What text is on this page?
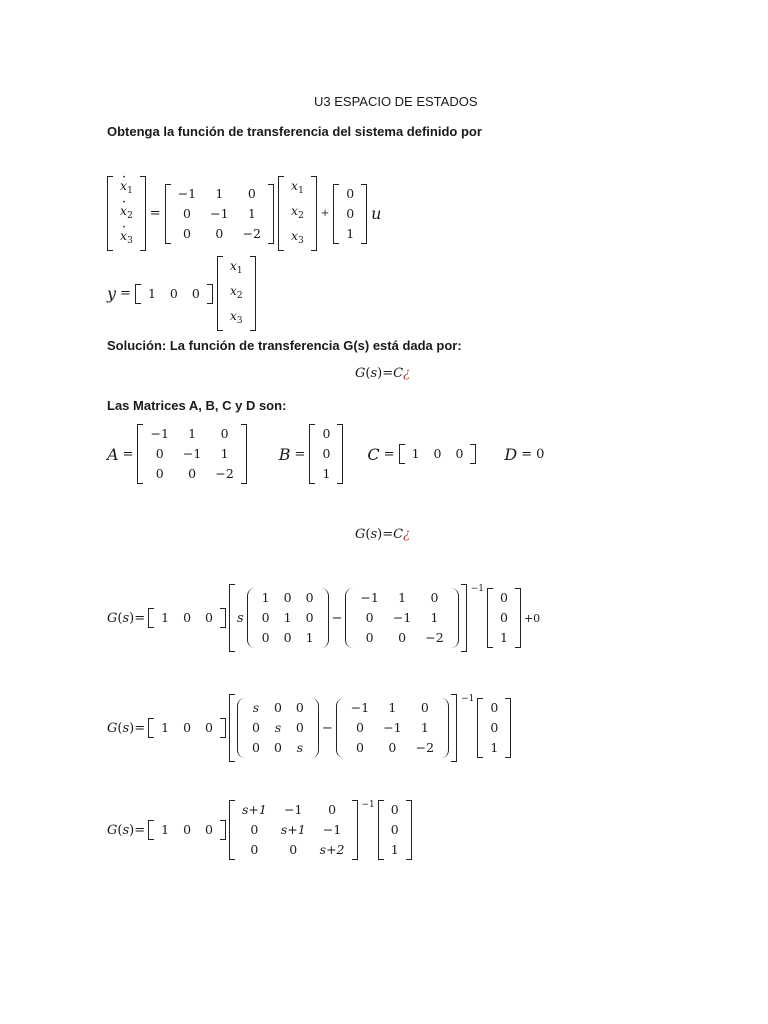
U3 ESPACIO DE ESTADOS
Obtenga la función de transferencia del sistema definido por
· $x_1$
· $x_2$
· $x_3$
=
−1	1	0
0	−1	1
0	0	−2
$x_1$
$x_2$
$x_3$
+
0
0
1
u
y = 1	0	0
$x_1$
$x_2$
$x_3$
Solución: La función de transferencia G(s) está dada por:
G(s)=C¿
Las Matrices A, B, C y D son:
A =
−1	1	0
0	−1	1
0	0	−2
B =
0
0
1
C = 1	0	0	D = 0
G(s)=C¿
G(s)= 1	0	0 s
1	0	0
0	1	0
0	0	1
−
−1	1	0
0	−1	1
0	0	−2
−1
0
0
1
+0
G(s)= 1	0	0
s	0	0
0	s	0
0	0	s
−
−1	1	0
0	−1	1
0	0	−2
−1
0
0
1
G(s)= 1	0	0
s+1	−1	0
0	s+1	−1
0	0	s+2
−1 0
0
1
